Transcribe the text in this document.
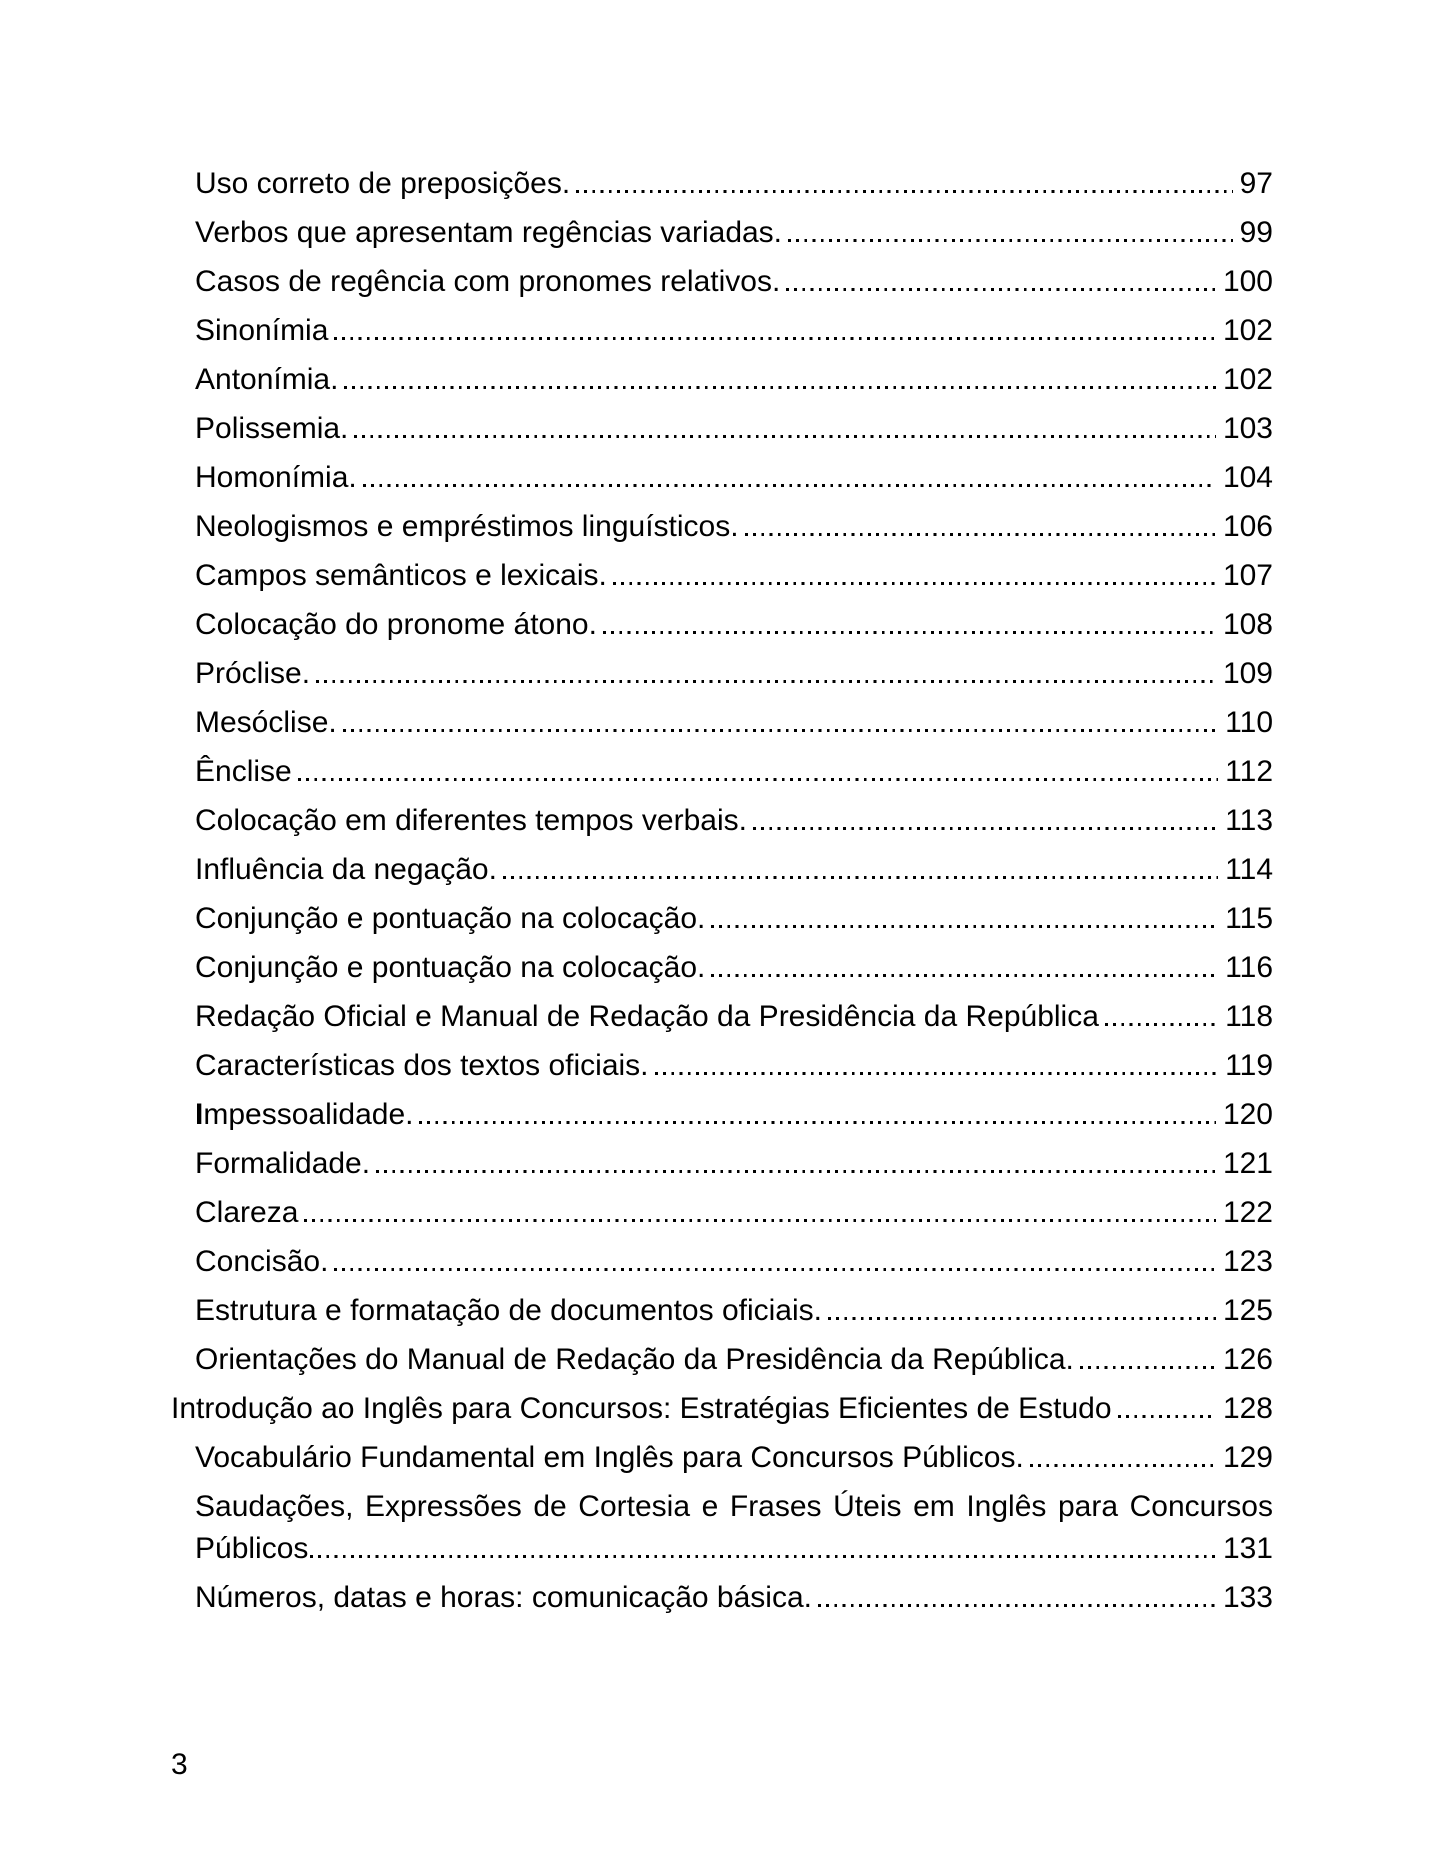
Uso correto de preposições.	97
Verbos que apresentam regências variadas.	99
Casos de regência com pronomes relativos.	100
Sinonímia	102
Antonímia.	102
Polissemia.	103
Homonímia.	104
Neologismos e empréstimos linguísticos.	106
Campos semânticos e lexicais.	107
Colocação do pronome átono.	108
Próclise.	109
Mesóclise.	110
Ênclise	112
Colocação em diferentes tempos verbais.	113
Influência da negação.	114
Conjunção e pontuação na colocação.	115
Conjunção e pontuação na colocação.	116
Redação Oficial e Manual de Redação da Presidência da República	118
Características dos textos oficiais.	119
Impessoalidade.	120
Formalidade.	121
Clareza	122
Concisão.	123
Estrutura e formatação de documentos oficiais.	125
Orientações do Manual de Redação da Presidência da República.	126
Introdução ao Inglês para Concursos: Estratégias Eficientes de Estudo	128
Vocabulário Fundamental em Inglês para Concursos Públicos.	129
Saudações, Expressões de Cortesia e Frases Úteis em Inglês para Concursos
Públicos	131
Números, datas e horas: comunicação básica.	133
3
